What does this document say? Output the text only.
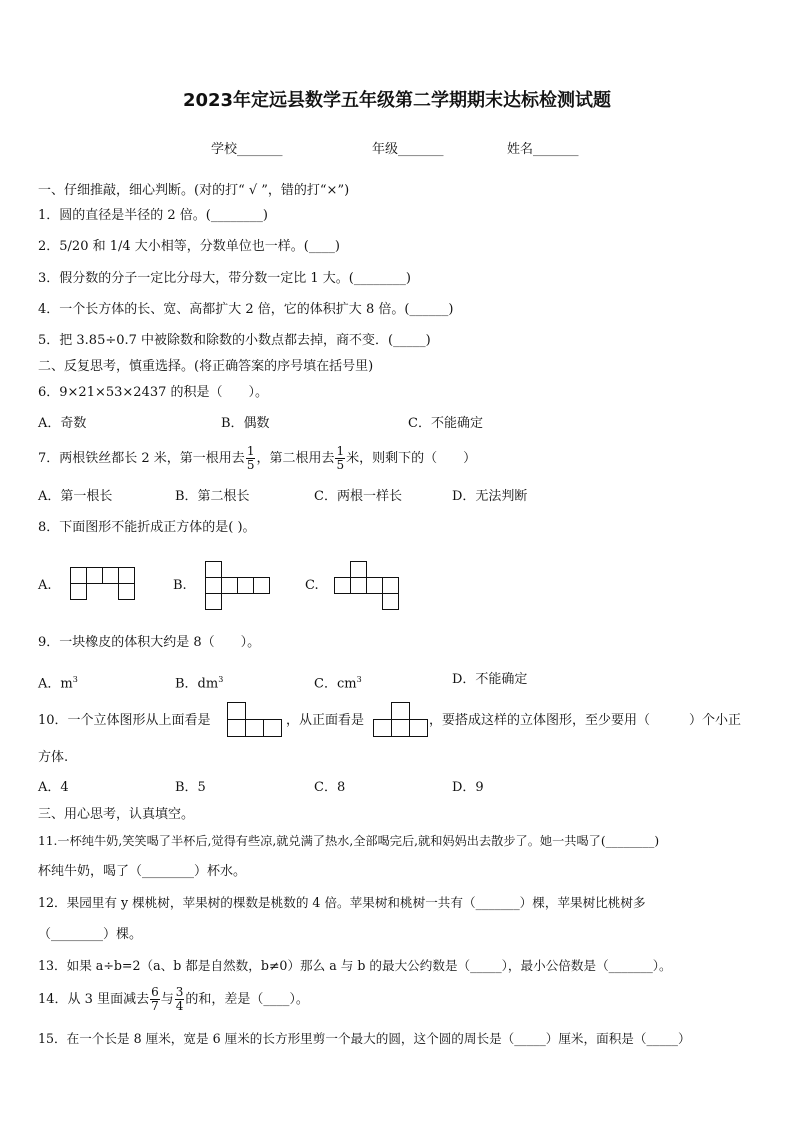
2023年定远县数学五年级第二学期期末达标检测试题
学校_______	年级_______	姓名_______
一、仔细推敲，细心判断。(对的打“ √ ”，错的打“×”)
1．圆的直径是半径的 2 倍。(________)
2．5/20 和 1/4 大小相等，分数单位也一样。(____)
3．假分数的分子一定比分母大，带分数一定比 1 大。(________)
4．一个长方体的长、宽、高都扩大 2 倍，它的体积扩大 8 倍。(______)
5．把 3.85÷0.7 中被除数和除数的小数点都去掉，商不变．(_____)
二、反复思考，慎重选择。(将正确答案的序号填在括号里)
6．9×21×53×2437 的积是（　　）。
A．奇数	B．偶数	C．不能确定
7．两根铁丝都长 2 米，第一根用去 $\frac{1}{5}$ ，第二根用去 $\frac{1}{5}$ 米，则剩下的（　　）
A．第一根长	B．第二根长	C．两根一样长	D．无法判断
8．下面图形不能折成正方体的是( )。
A.	B.	C.
9．一块橡皮的体积大约是 8（　　）。
A．$m^3$	B．$dm^3$	C．$cm^3$	D．不能确定
10．一个立体图形从上面看是	，从正面看是	，要搭成这样的立体图形，至少要用（　　　）个小正
方体.
A．4	B．5	C．8	D．9
三、用心思考，认真填空。
11.一杯纯牛奶,笑笑喝了半杯后,觉得有些凉,就兑满了热水,全部喝完后,就和妈妈出去散步了。她一共喝了(________)
杯纯牛奶，喝了（________）杯水。
12．果园里有 y 棵桃树，苹果树的棵数是桃数的 4 倍。苹果树和桃树一共有（_______）棵，苹果树比桃树多
（________）棵。
13．如果 a÷b=2（a、b 都是自然数，b≠0）那么 a 与 b 的最大公约数是（_____），最小公倍数是（_______）。
14．从 3 里面减去 $\frac{6}{7}$ 与 $\frac{3}{4}$ 的和，差是（____）。
15．在一个长是 8 厘米，宽是 6 厘米的长方形里剪一个最大的圆，这个圆的周长是（_____）厘米，面积是（_____）
